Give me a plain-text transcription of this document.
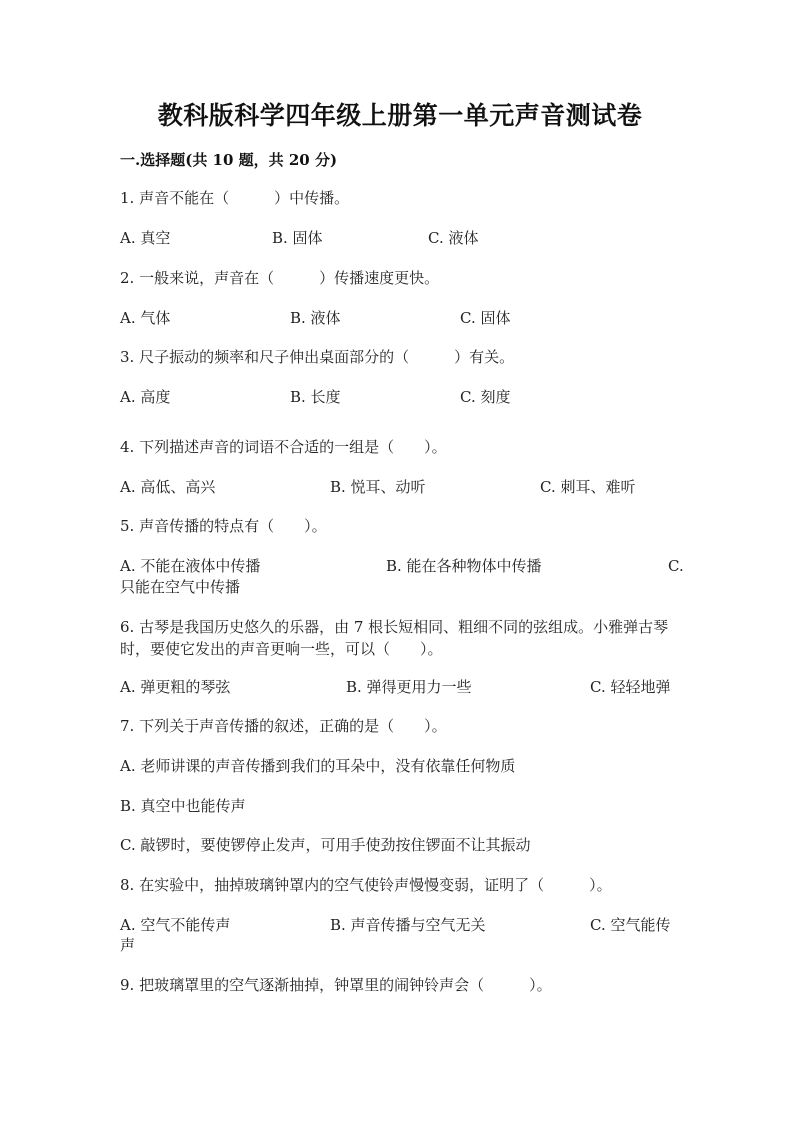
教科版科学四年级上册第一单元声音测试卷
一.选择题(共 10 题，共 20 分)
1. 声音不能在（　　　）中传播。
A. 真空	B. 固体	C. 液体
2. 一般来说，声音在（　　　）传播速度更快。
A. 气体	B. 液体	C. 固体
3. 尺子振动的频率和尺子伸出桌面部分的（　　　）有关。
A. 高度	B. 长度	C. 刻度
4. 下列描述声音的词语不合适的一组是（　　）。
A. 高低、高兴	B. 悦耳、动听	C. 刺耳、难听
5. 声音传播的特点有（　　）。
A. 不能在液体中传播	B. 能在各种物体中传播	C.
只能在空气中传播
6. 古琴是我国历史悠久的乐器，由 7 根长短相同、粗细不同的弦组成。小雅弹古琴时，要使它发出的声音更响一些，可以（　　）。
A. 弹更粗的琴弦	B. 弹得更用力一些	C. 轻轻地弹
7. 下列关于声音传播的叙述，正确的是（　　）。
A. 老师讲课的声音传播到我们的耳朵中，没有依靠任何物质
B. 真空中也能传声
C. 敲锣时，要使锣停止发声，可用手使劲按住锣面不让其振动
8. 在实验中，抽掉玻璃钟罩内的空气使铃声慢慢变弱，证明了（　　　）。
A. 空气不能传声	B. 声音传播与空气无关	C. 空气能传
声
9. 把玻璃罩里的空气逐渐抽掉，钟罩里的闹钟铃声会（　　　）。
